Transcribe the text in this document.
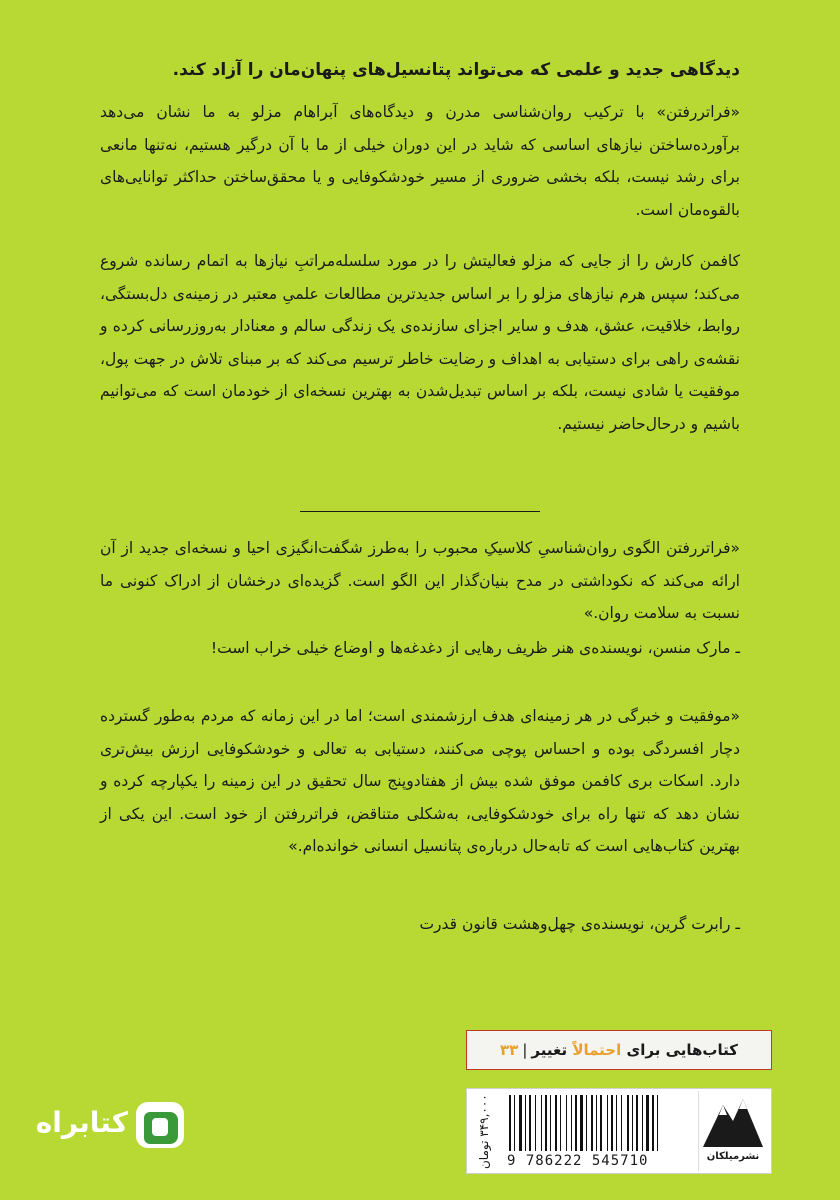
دیدگاهی جدید و علمی که می‌تواند پتانسیل‌های پنهان‌مان را آزاد کند.

«فراتررفتن» با ترکیب روان‌شناسی مدرن و دیدگاه‌های آبراهام مزلو به ما نشان می‌دهد برآورده‌ساختن نیازهای اساسی که شاید در این دوران خیلی از ما با آن درگیر هستیم، نه‌تنها مانعی برای رشد نیست، بلکه بخشی ضروری از مسیر خودشکوفایی و یا محقق‌ساختن حداکثر توانایی‌های بالقوه‌مان است.

کافمن کارش را از جایی که مزلو فعالیتش را در مورد سلسله‌مراتبِ نیازها به اتمام رسانده شروع می‌کند؛ سپس هرم نیازهای مزلو را بر اساس جدیدترین مطالعات علمیِ معتبر در زمینه‌ی دل‌بستگی، روابط، خلاقیت، عشق، هدف و سایر اجزای سازنده‌ی یک زندگی سالم و معنادار به‌روزرسانی کرده و نقشه‌ی راهی برای دستیابی به اهداف و رضایت خاطر ترسیم می‌کند که بر مبنای تلاش در جهت پول، موفقیت یا شادی نیست، بلکه بر اساس تبدیل‌شدن به بهترین نسخه‌ای از خودمان است که می‌توانیم باشیم و درحال‌حاضر نیستیم.

«فراتررفتن الگوی روان‌شناسیِ کلاسیکِ محبوب را به‌طرز شگفت‌انگیزی احیا و نسخه‌ای جدید از آن ارائه می‌کند که نکوداشتی در مدح بنیان‌گذار این الگو است. گزیده‌ای درخشان از ادراک کنونی ما نسبت به سلامت روان.»

ـ مارک منسن، نویسنده‌ی هنر ظریف رهایی از دغدغه‌ها و اوضاع خیلی خراب است!

«موفقیت و خبرگی در هر زمینه‌ای هدف ارزشمندی است؛ اما در این زمانه که مردم به‌طور گسترده دچار افسردگی بوده و احساس پوچی می‌کنند، دستیابی به تعالی و خودشکوفایی ارزش بیش‌تری دارد. اسکات بری کافمن موفق شده بیش از هفتادوپنج سال تحقیق در این زمینه را یکپارچه کرده و نشان دهد که تنها راه برای خودشکوفایی، به‌شکلی متناقض، فراتررفتن از خود است. این یکی از بهترین کتاب‌هایی است که تابه‌حال درباره‌ی پتانسیل انسانی خوانده‌ام.»

ـ رابرت گرین، نویسنده‌ی چهل‌وهشت قانون قدرت

کتاب‌هایی برای

احتمالاً

تغییر
|
۳۳
۳۴۹,۰۰۰ تومان
9 786222 545710	نشرمیلکان
کتابراه
